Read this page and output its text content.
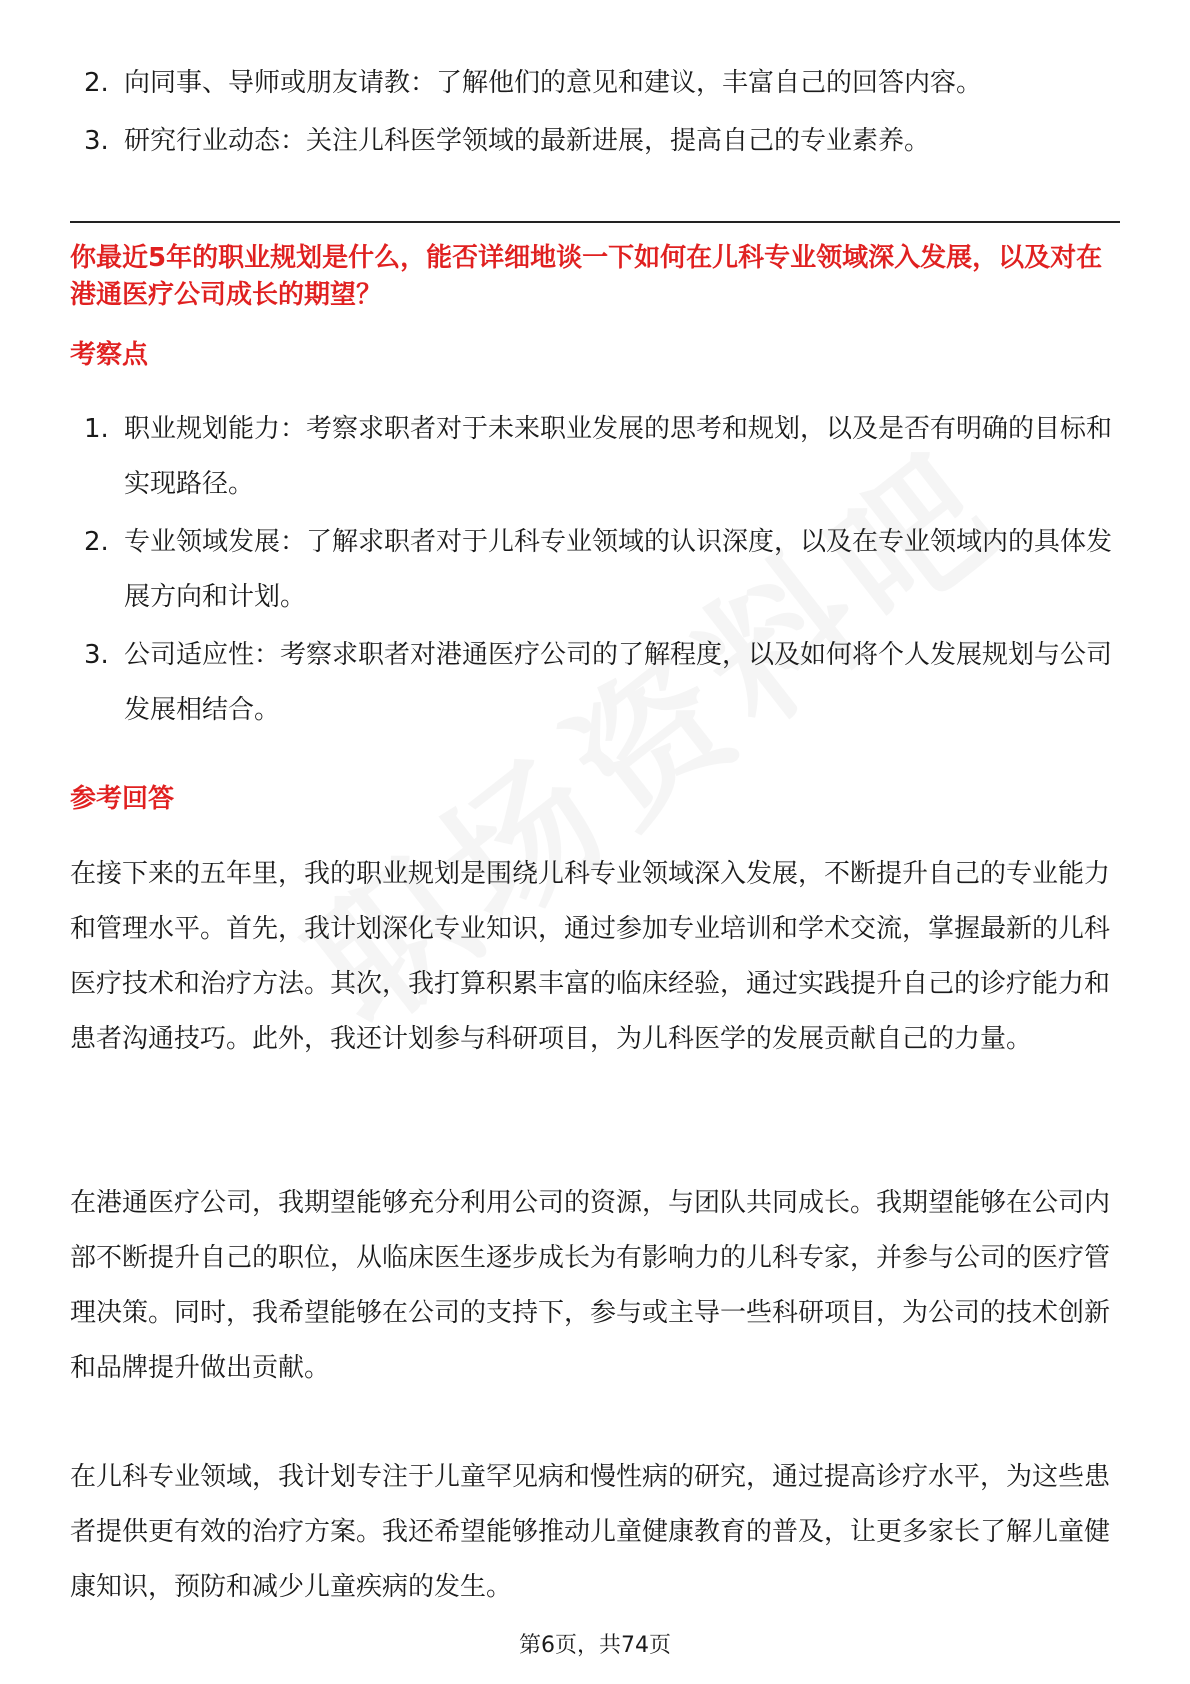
2. 向同事、导师或朋友请教：了解他们的意见和建议，丰富自己的回答内容。
3. 研究行业动态：关注儿科医学领域的最新进展，提高自己的专业素养。
你最近5年的职业规划是什么，能否详细地谈一下如何在儿科专业领域深入发展，以及对在港通医疗公司成长的期望？
考察点
1. 职业规划能力：考察求职者对于未来职业发展的思考和规划，以及是否有明确的目标和实现路径。
2. 专业领域发展：了解求职者对于儿科专业领域的认识深度，以及在专业领域内的具体发展方向和计划。
3. 公司适应性：考察求职者对港通医疗公司的了解程度，以及如何将个人发展规划与公司发展相结合。
参考回答

在接下来的五年里，我的职业规划是围绕儿科专业领域深入发展，不断提升自己的专业能力和管理水平。首先，我计划深化专业知识，通过参加专业培训和学术交流，掌握最新的儿科医疗技术和治疗方法。其次，我打算积累丰富的临床经验，通过实践提升自己的诊疗能力和患者沟通技巧。此外，我还计划参与科研项目，为儿科医学的发展贡献自己的力量。

在港通医疗公司，我期望能够充分利用公司的资源，与团队共同成长。我期望能够在公司内部不断提升自己的职位，从临床医生逐步成长为有影响力的儿科专家，并参与公司的医疗管理决策。同时，我希望能够在公司的支持下，参与或主导一些科研项目，为公司的技术创新和品牌提升做出贡献。

在儿科专业领域，我计划专注于儿童罕见病和慢性病的研究，通过提高诊疗水平，为这些患者提供更有效的治疗方案。我还希望能够推动儿童健康教育的普及，让更多家长了解儿童健康知识，预防和减少儿童疾病的发生。

第6页，共74页
